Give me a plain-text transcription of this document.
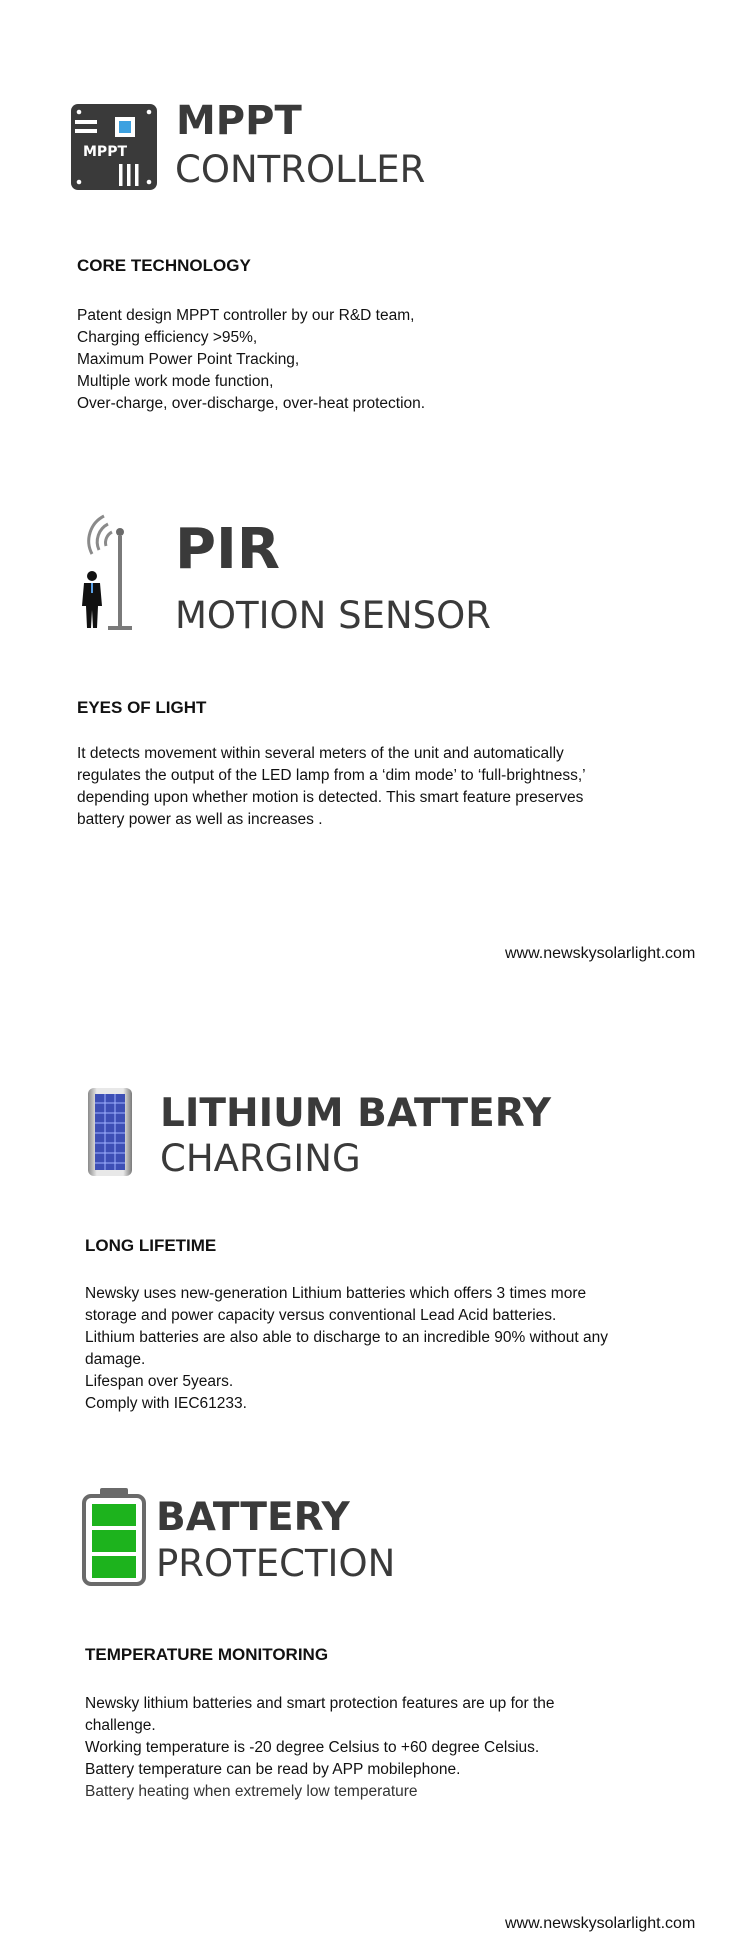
MPPT
MPPT
CONTROLLER
CORE TECHNOLOGY
Patent design MPPT controller by our R&D team,
Charging efficiency >95%,
Maximum Power Point Tracking,
Multiple work mode function,
Over-charge, over-discharge, over-heat protection.
PIR
MOTION SENSOR
EYES OF LIGHT
It detects movement within several meters of the unit and automatically
regulates the output of the LED lamp from a ‘dim mode’ to ‘full-brightness,’
depending upon whether motion is detected. This smart feature preserves
battery power as well as increases .
www.newskysolarlight.com
LITHIUM BATTERY
CHARGING
LONG LIFETIME
Newsky uses new-generation Lithium batteries which offers 3 times more
storage and power capacity versus conventional Lead Acid batteries.
Lithium batteries are also able to discharge to an incredible 90% without any
damage.
Lifespan over 5years.
Comply with IEC61233.
BATTERY
PROTECTION
TEMPERATURE MONITORING
Newsky lithium batteries and smart protection features are up for the
challenge.
Working temperature is -20 degree Celsius to +60 degree Celsius.
Battery temperature can be read by APP mobilephone.
Battery heating when extremely low temperature
www.newskysolarlight.com
